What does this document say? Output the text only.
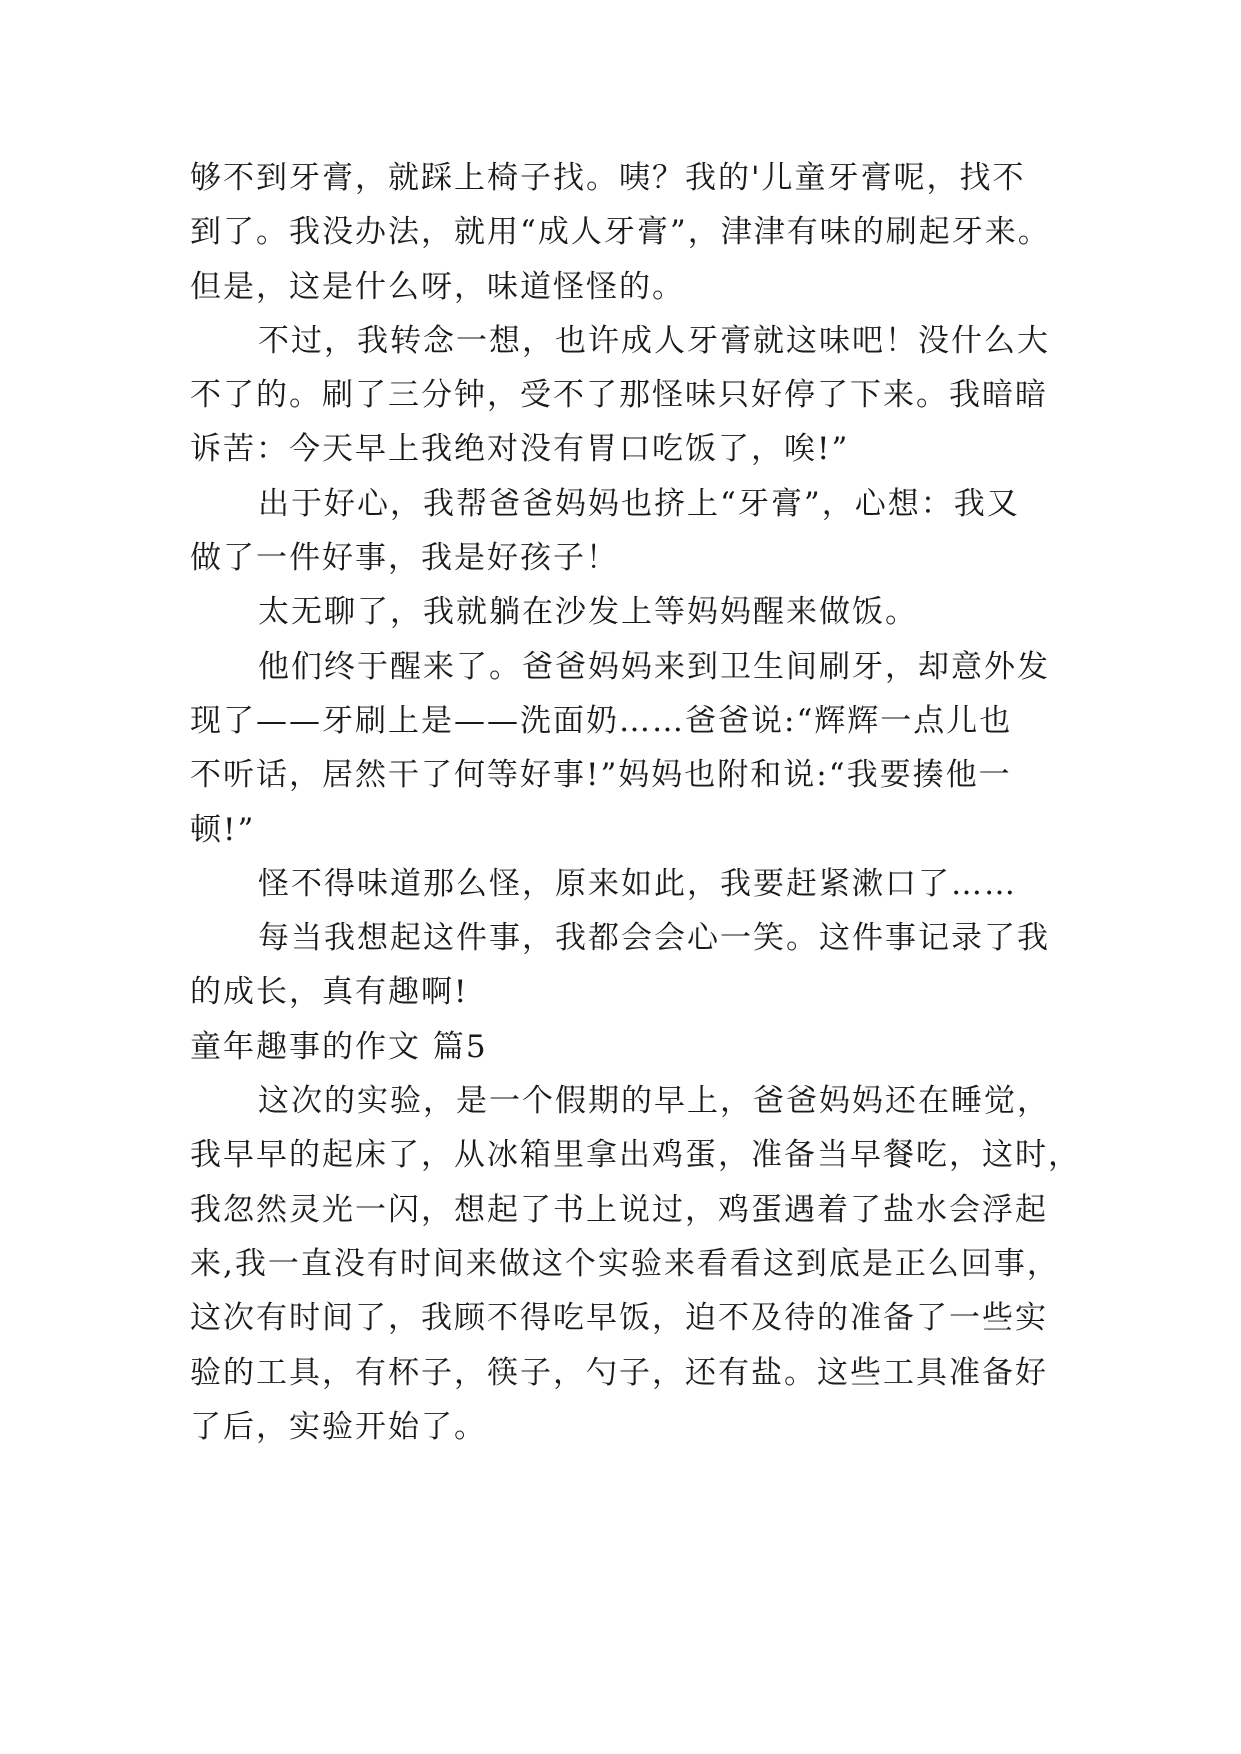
够不到牙膏，就踩上椅子找。咦？我的'儿童牙膏呢，找不
到了。我没办法，就用“成人牙膏”，津津有味的刷起牙来。
但是，这是什么呀，味道怪怪的。

不过，我转念一想，也许成人牙膏就这味吧！没什么大
不了的。刷了三分钟，受不了那怪味只好停了下来。我暗暗
诉苦：今天早上我绝对没有胃口吃饭了，唉!”

出于好心，我帮爸爸妈妈也挤上“牙膏”，心想：我又
做了一件好事，我是好孩子！

太无聊了，我就躺在沙发上等妈妈醒来做饭。

他们终于醒来了。爸爸妈妈来到卫生间刷牙，却意外发
现了——牙刷上是——洗面奶……爸爸说:“辉辉一点儿也
不听话，居然干了何等好事!”妈妈也附和说:“我要揍他一
顿!”

怪不得味道那么怪，原来如此，我要赶紧漱口了……

每当我想起这件事，我都会会心一笑。这件事记录了我
的成长，真有趣啊!

童年趣事的作文 篇5

这次的实验，是一个假期的早上，爸爸妈妈还在睡觉，
我早早的起床了，从冰箱里拿出鸡蛋，准备当早餐吃，这时，
我忽然灵光一闪，想起了书上说过，鸡蛋遇着了盐水会浮起
来,我一直没有时间来做这个实验来看看这到底是正么回事，
这次有时间了，我顾不得吃早饭，迫不及待的准备了一些实
验的工具，有杯子，筷子，勺子，还有盐。这些工具准备好
了后，实验开始了。
